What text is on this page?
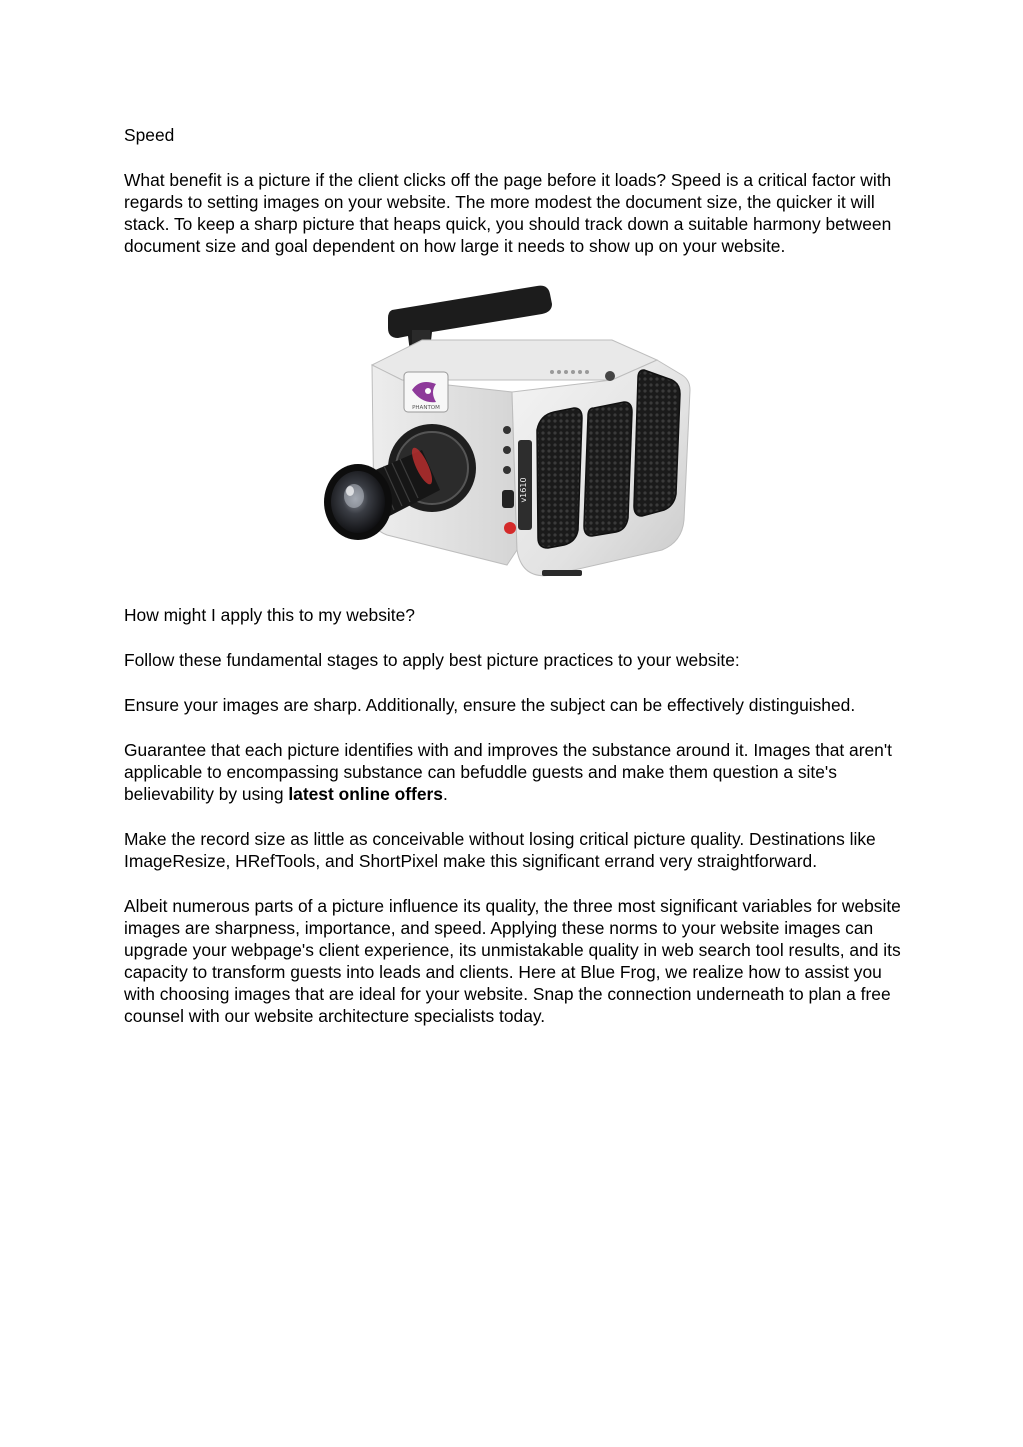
Speed

What benefit is a picture if the client clicks off the page before it loads? Speed is a critical factor with regards to setting images on your website. The more modest the document size, the quicker it will stack. To keep a sharp picture that heaps quick, you should track down a suitable harmony between document size and goal dependent on how large it needs to show up on your website.

v1610
PHANTOM

How might I apply this to my website?

Follow these fundamental stages to apply best picture practices to your website:

Ensure your images are sharp. Additionally, ensure the subject can be effectively distinguished.

Guarantee that each picture identifies with and improves the substance around it. Images that aren't applicable to encompassing substance can befuddle guests and make them question a site's believability by using latest online offers.

Make the record size as little as conceivable without losing critical picture quality. Destinations like ImageResize, HRefTools, and ShortPixel make this significant errand very straightforward.

Albeit numerous parts of a picture influence its quality, the three most significant variables for website images are sharpness, importance, and speed. Applying these norms to your website images can upgrade your webpage's client experience, its unmistakable quality in web search tool results, and its capacity to transform guests into leads and clients. Here at Blue Frog, we realize how to assist you with choosing images that are ideal for your website. Snap the connection underneath to plan a free counsel with our website architecture specialists today.
